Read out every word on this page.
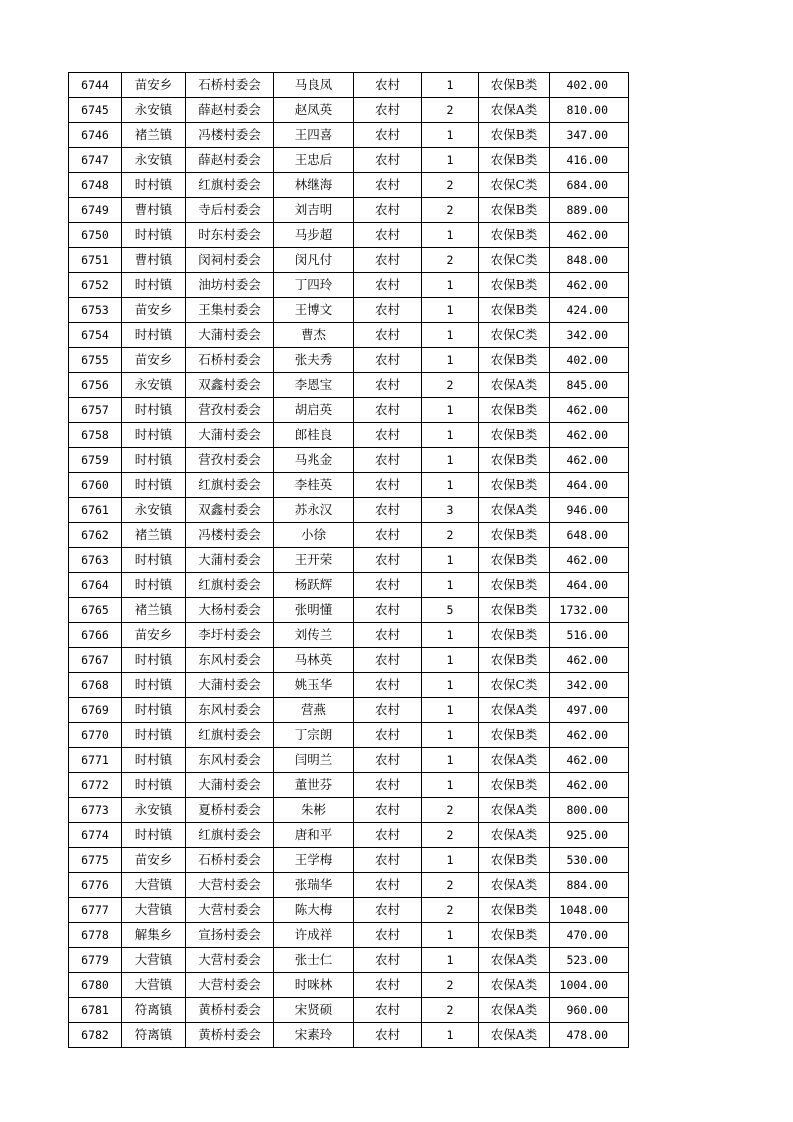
6744	苗安乡	石桥村委会	马良凤	农村	1	农保B类	402.00
6745	永安镇	薛赵村委会	赵凤英	农村	2	农保A类	810.00
6746	褚兰镇	冯楼村委会	王四喜	农村	1	农保B类	347.00
6747	永安镇	薛赵村委会	王忠后	农村	1	农保B类	416.00
6748	时村镇	红旗村委会	林继海	农村	2	农保C类	684.00
6749	曹村镇	寺后村委会	刘吉明	农村	2	农保B类	889.00
6750	时村镇	时东村委会	马步超	农村	1	农保B类	462.00
6751	曹村镇	闵祠村委会	闵凡付	农村	2	农保C类	848.00
6752	时村镇	油坊村委会	丁四玲	农村	1	农保B类	462.00
6753	苗安乡	王集村委会	王博文	农村	1	农保B类	424.00
6754	时村镇	大蒲村委会	曹杰	农村	1	农保C类	342.00
6755	苗安乡	石桥村委会	张夫秀	农村	1	农保B类	402.00
6756	永安镇	双鑫村委会	李恩宝	农村	2	农保A类	845.00
6757	时村镇	营孜村委会	胡启英	农村	1	农保B类	462.00
6758	时村镇	大蒲村委会	郎桂良	农村	1	农保B类	462.00
6759	时村镇	营孜村委会	马兆金	农村	1	农保B类	462.00
6760	时村镇	红旗村委会	李桂英	农村	1	农保B类	464.00
6761	永安镇	双鑫村委会	苏永汉	农村	3	农保A类	946.00
6762	褚兰镇	冯楼村委会	小徐	农村	2	农保B类	648.00
6763	时村镇	大蒲村委会	王开荣	农村	1	农保B类	462.00
6764	时村镇	红旗村委会	杨跃辉	农村	1	农保B类	464.00
6765	褚兰镇	大杨村委会	张明懂	农村	5	农保B类	1732.00
6766	苗安乡	李圩村委会	刘传兰	农村	1	农保B类	516.00
6767	时村镇	东风村委会	马林英	农村	1	农保B类	462.00
6768	时村镇	大蒲村委会	姚玉华	农村	1	农保C类	342.00
6769	时村镇	东风村委会	营燕	农村	1	农保A类	497.00
6770	时村镇	红旗村委会	丁宗朗	农村	1	农保B类	462.00
6771	时村镇	东风村委会	闫明兰	农村	1	农保A类	462.00
6772	时村镇	大蒲村委会	董世芬	农村	1	农保B类	462.00
6773	永安镇	夏桥村委会	朱彬	农村	2	农保A类	800.00
6774	时村镇	红旗村委会	唐和平	农村	2	农保A类	925.00
6775	苗安乡	石桥村委会	王学梅	农村	1	农保B类	530.00
6776	大营镇	大营村委会	张瑞华	农村	2	农保A类	884.00
6777	大营镇	大营村委会	陈大梅	农村	2	农保B类	1048.00
6778	解集乡	宣扬村委会	许成祥	农村	1	农保B类	470.00
6779	大营镇	大营村委会	张士仁	农村	1	农保A类	523.00
6780	大营镇	大营村委会	时咪林	农村	2	农保A类	1004.00
6781	符离镇	黄桥村委会	宋贤硕	农村	2	农保A类	960.00
6782	符离镇	黄桥村委会	宋素玲	农村	1	农保A类	478.00
